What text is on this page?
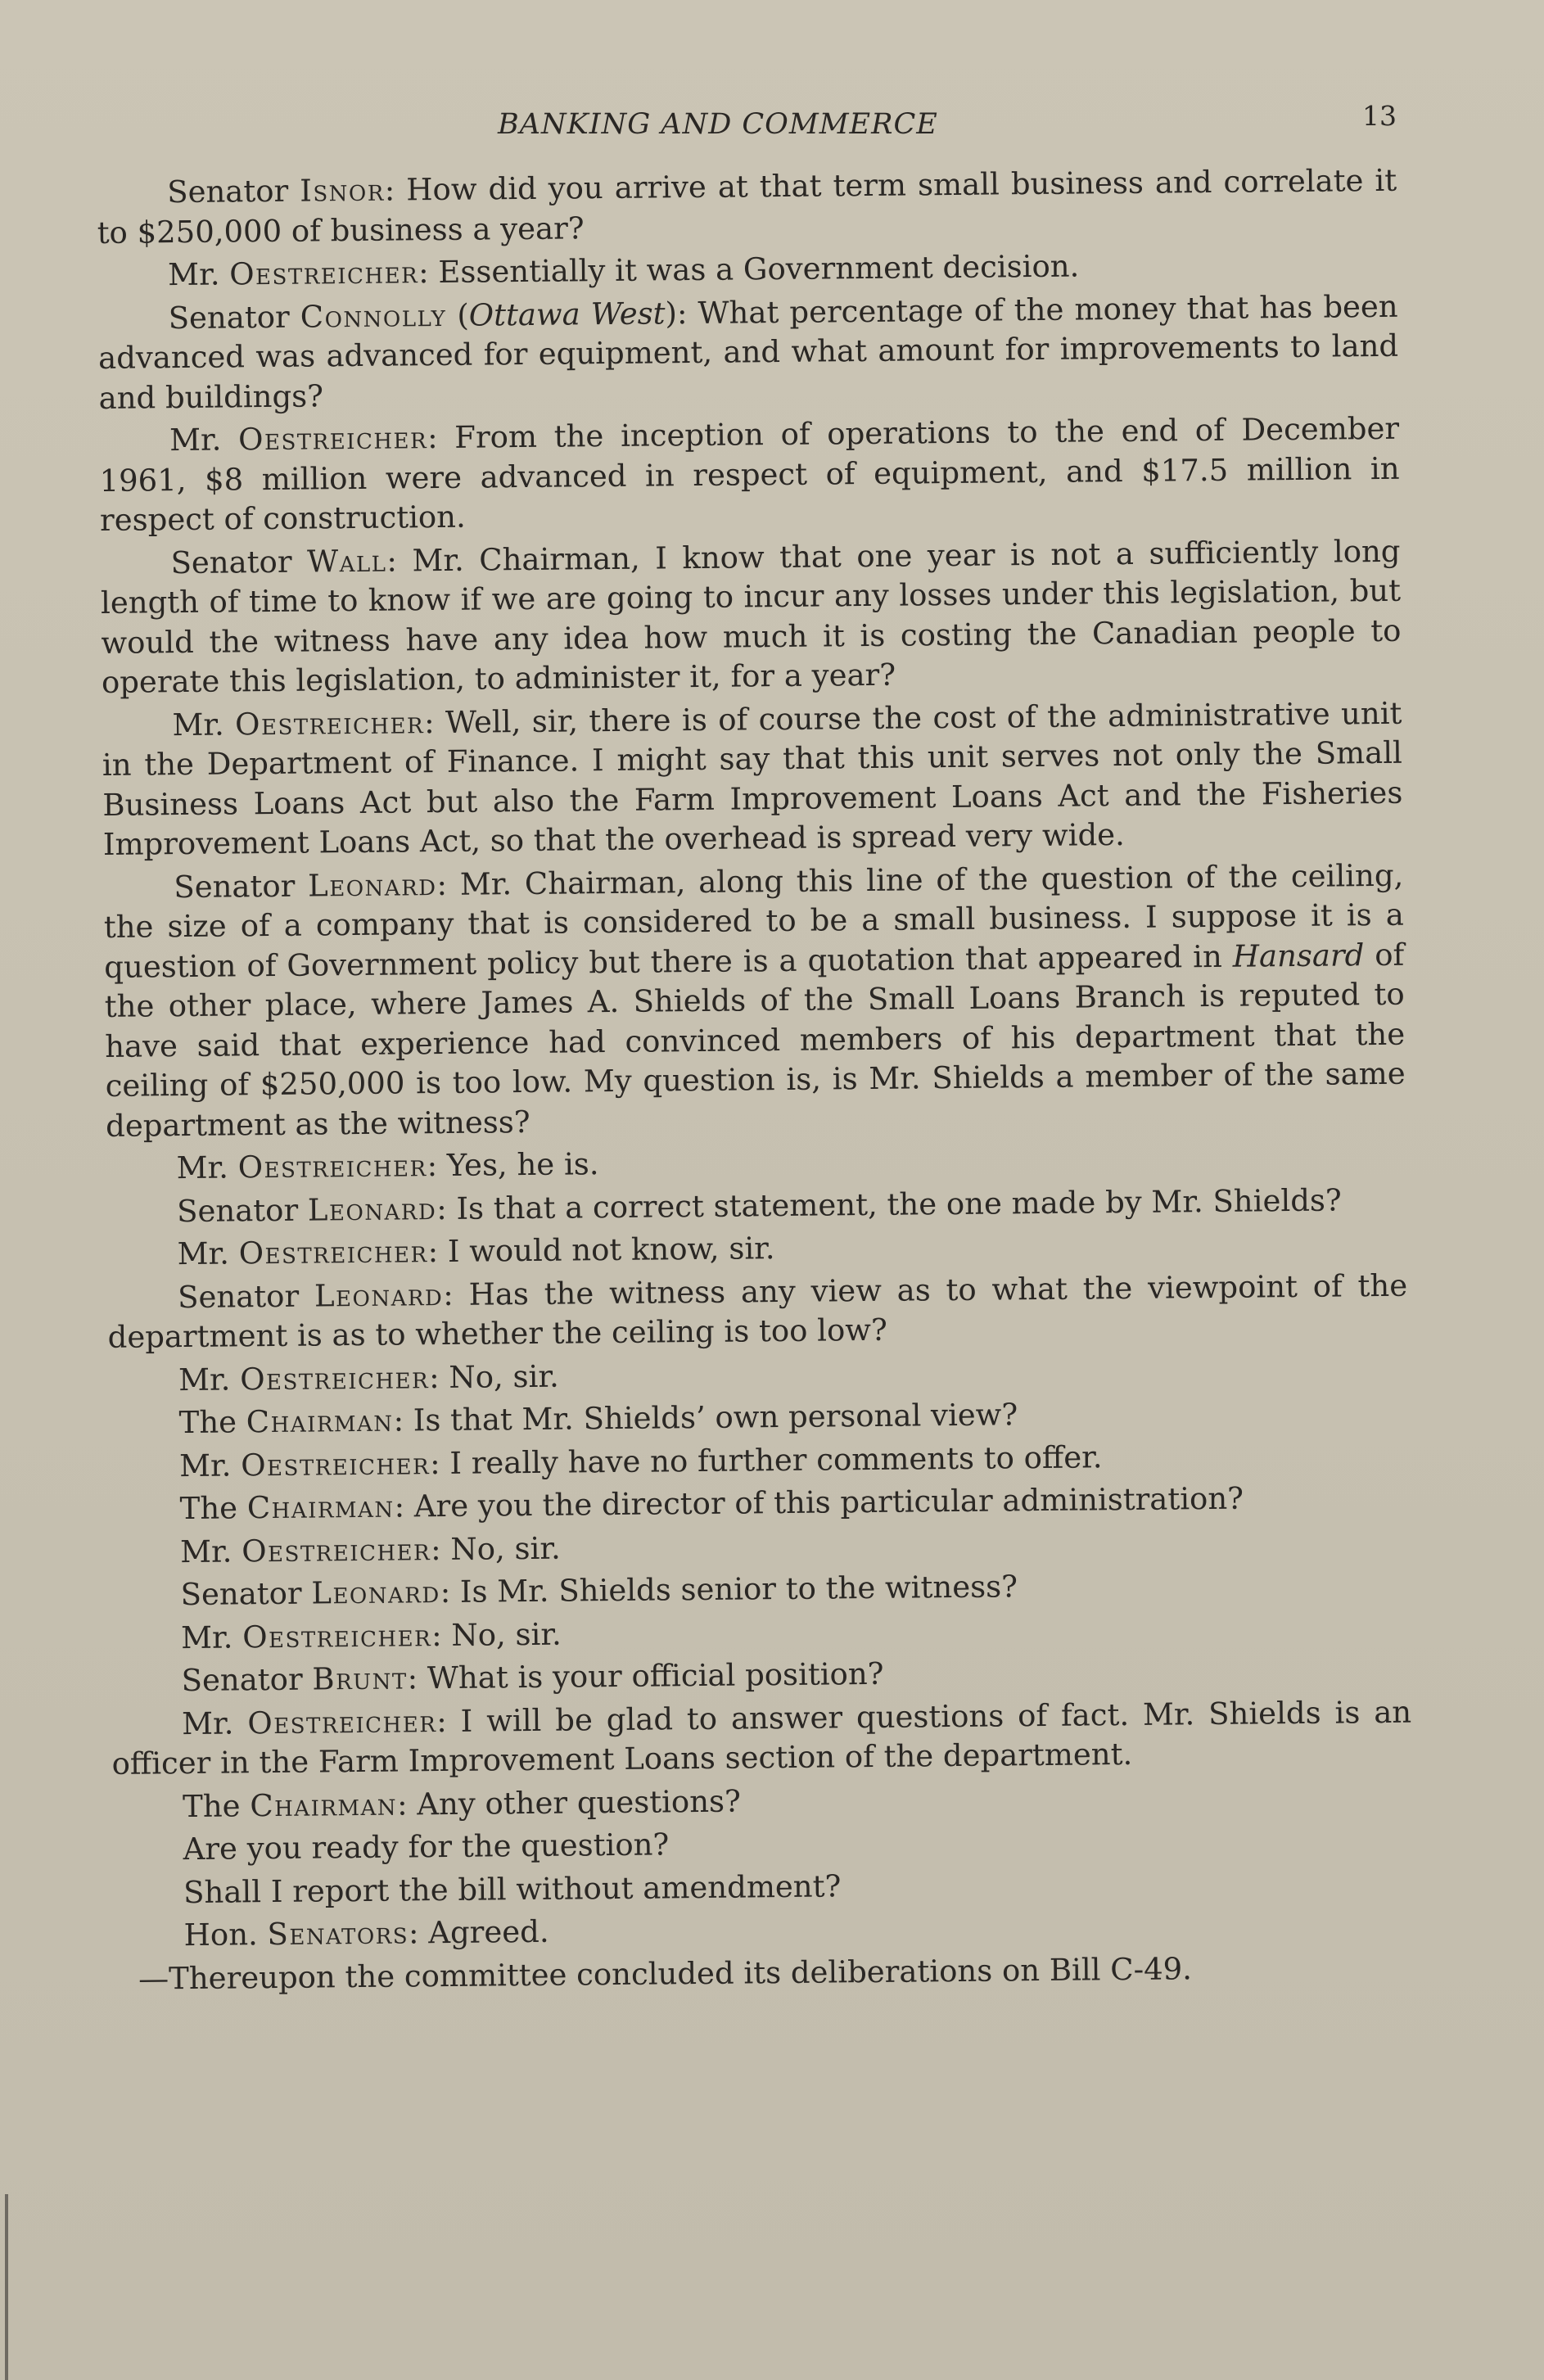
BANKING AND COMMERCE	13

Senator Isnor: How did you arrive at that term small business and correlate it to $250,000 of business a year?

Mr. Oestreicher: Essentially it was a Government decision.

Senator Connolly (Ottawa West): What percentage of the money that has been advanced was advanced for equipment, and what amount for improvements to land and buildings?

Mr. Oestreicher: From the inception of operations to the end of December 1961, $8 million were advanced in respect of equipment, and $17.5 million in respect of construction.

Senator Wall: Mr. Chairman, I know that one year is not a sufficiently long length of time to know if we are going to incur any losses under this legislation, but would the witness have any idea how much it is costing the Canadian people to operate this legislation, to administer it, for a year?

Mr. Oestreicher: Well, sir, there is of course the cost of the administrative unit in the Department of Finance. I might say that this unit serves not only the Small Business Loans Act but also the Farm Improvement Loans Act and the Fisheries Improvement Loans Act, so that the overhead is spread very wide.

Senator Leonard: Mr. Chairman, along this line of the question of the ceiling, the size of a company that is considered to be a small business. I suppose it is a question of Government policy but there is a quotation that appeared in Hansard of the other place, where James A. Shields of the Small Loans Branch is reputed to have said that experience had convinced members of his department that the ceiling of $250,000 is too low. My question is, is Mr. Shields a member of the same department as the witness?

Mr. Oestreicher: Yes, he is.

Senator Leonard: Is that a correct statement, the one made by Mr. Shields?

Mr. Oestreicher: I would not know, sir.

Senator Leonard: Has the witness any view as to what the viewpoint of the department is as to whether the ceiling is too low?

Mr. Oestreicher: No, sir.

The Chairman: Is that Mr. Shields’ own personal view?

Mr. Oestreicher: I really have no further comments to offer.

The Chairman: Are you the director of this particular administration?

Mr. Oestreicher: No, sir.

Senator Leonard: Is Mr. Shields senior to the witness?

Mr. Oestreicher: No, sir.

Senator Brunt: What is your official position?

Mr. Oestreicher: I will be glad to answer questions of fact. Mr. Shields is an officer in the Farm Improvement Loans section of the department.

The Chairman: Any other questions?

Are you ready for the question?

Shall I report the bill without amendment?

Hon. Senators: Agreed.

—Thereupon the committee concluded its deliberations on Bill C-49.
